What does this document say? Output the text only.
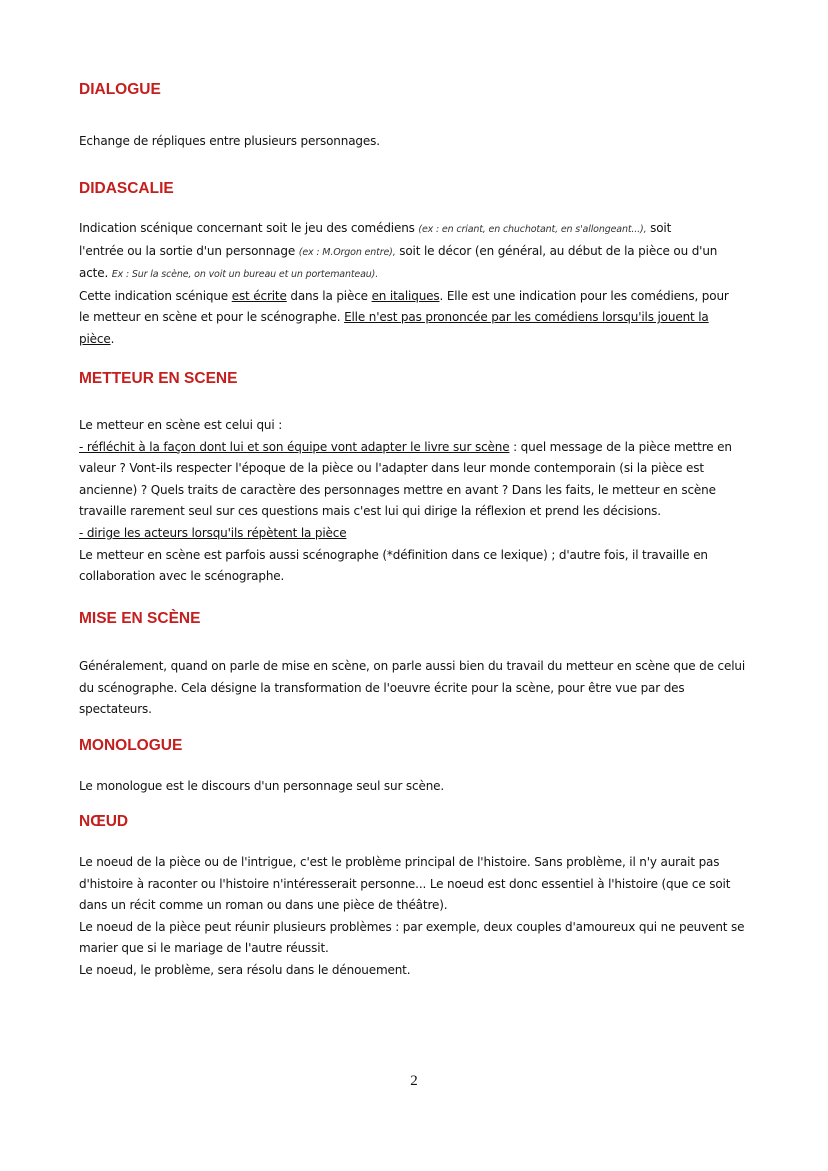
DIALOGUE

Echange de répliques entre plusieurs personnages.

DIDASCALIE

Indication scénique concernant soit le jeu des comédiens (ex : en criant, en chuchotant, en s'allongeant...), soit
l'entrée ou la sortie d'un personnage (ex : M.Orgon entre), soit le décor (en général, au début de la pièce ou d'un
acte. Ex : Sur la scène, on voit un bureau et un portemanteau).
Cette indication scénique est écrite dans la pièce en italiques. Elle est une indication pour les comédiens, pour
le metteur en scène et pour le scénographe. Elle n'est pas prononcée par les comédiens lorsqu'ils jouent la
pièce.

METTEUR EN SCENE

Le metteur en scène est celui qui :
- réfléchit à la façon dont lui et son équipe vont adapter le livre sur scène : quel message de la pièce mettre en
valeur ? Vont-ils respecter l'époque de la pièce ou l'adapter dans leur monde contemporain (si la pièce est
ancienne) ? Quels traits de caractère des personnages mettre en avant ? Dans les faits, le metteur en scène
travaille rarement seul sur ces questions mais c'est lui qui dirige la réflexion et prend les décisions.
- dirige les acteurs lorsqu'ils répètent la pièce
Le metteur en scène est parfois aussi scénographe (*définition dans ce lexique) ; d'autre fois, il travaille en
collaboration avec le scénographe.

MISE EN SCÈNE

Généralement, quand on parle de mise en scène, on parle aussi bien du travail du metteur en scène que de celui
du scénographe. Cela désigne la transformation de l'oeuvre écrite pour la scène, pour être vue par des
spectateurs.

MONOLOGUE

Le monologue est le discours d'un personnage seul sur scène.

NŒUD

Le noeud de la pièce ou de l'intrigue, c'est le problème principal de l'histoire. Sans problème, il n'y aurait pas
d'histoire à raconter ou l'histoire n'intéresserait personne... Le noeud est donc essentiel à l'histoire (que ce soit
dans un récit comme un roman ou dans une pièce de théâtre).
Le noeud de la pièce peut réunir plusieurs problèmes : par exemple, deux couples d'amoureux qui ne peuvent se
marier que si le mariage de l'autre réussit.
Le noeud, le problème, sera résolu dans le dénouement.

2
